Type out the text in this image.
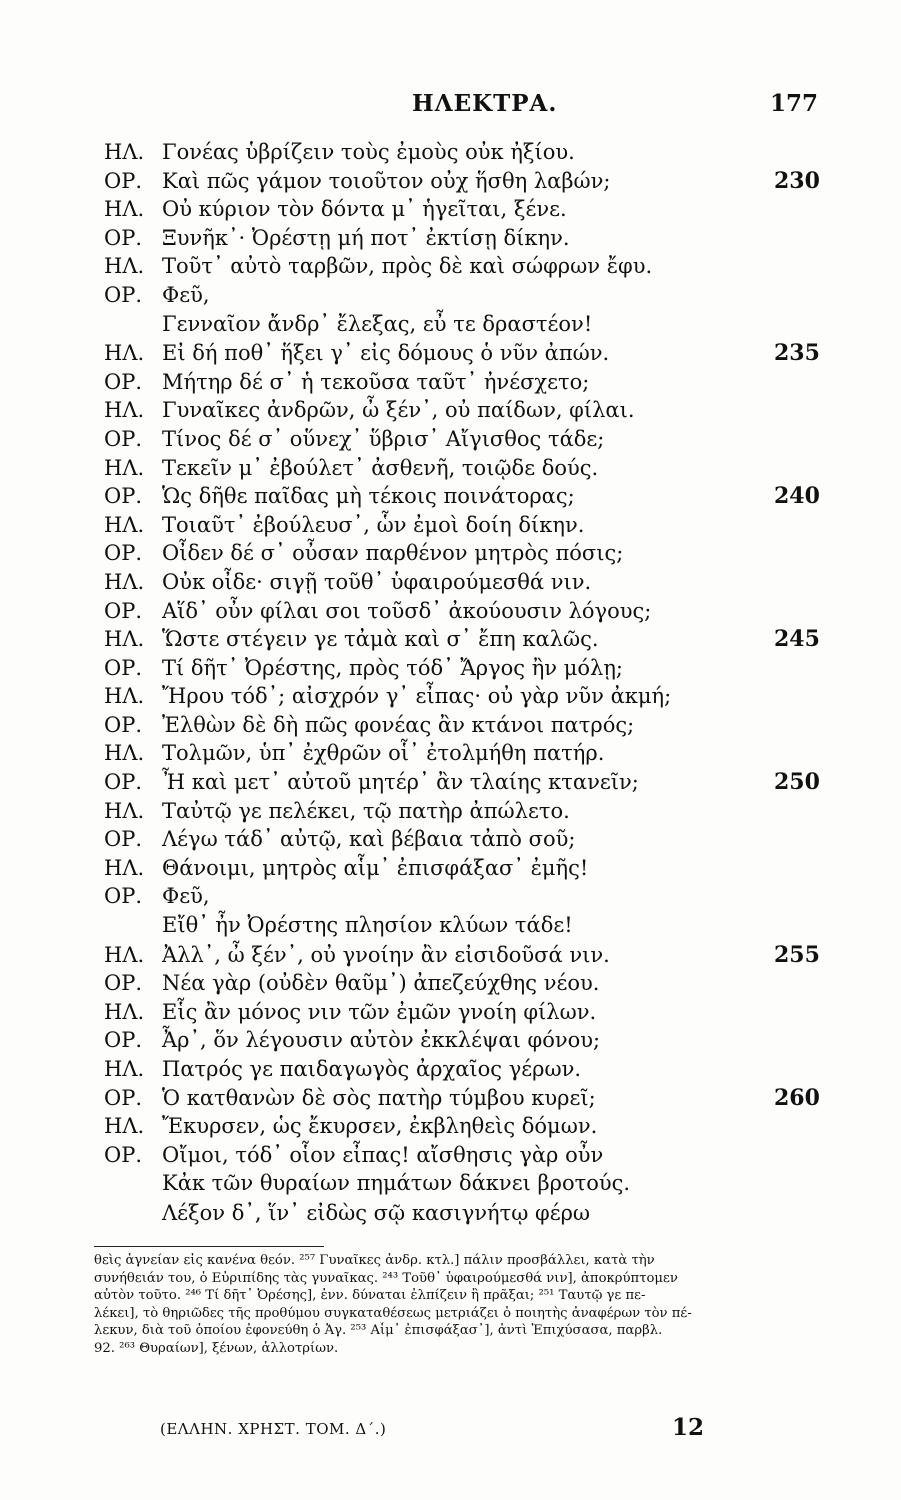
ΗΛΕΚΤΡΑ.	177
ΗΛ. Γονέας ὑβρίζειν τοὺς ἐμοὺς οὐκ ἠξίου.
ΟΡ. Καὶ πῶς γάμον τοιοῦτον οὐχ ἥσθη λαβών;	230
ΗΛ. Οὐ κύριον τὸν δόντα μ᾽ ἡγεῖται, ξένε.
ΟΡ. Ξυνῆκ᾽· Ὀρέστῃ μή ποτ᾽ ἐκτίσῃ δίκην.
ΗΛ. Τοῦτ᾽ αὐτὸ ταρβῶν, πρὸς δὲ καὶ σώφρων ἔφυ.
ΟΡ. Φεῦ,
Γενναῖον ἄνδρ᾽ ἔλεξας, εὖ τε δραστέον!
ΗΛ. Εἰ δή ποθ᾽ ἥξει γ᾽ εἰς δόμους ὁ νῦν ἀπών.	235
ΟΡ. Μήτηρ δέ σ᾽ ἡ τεκοῦσα ταῦτ᾽ ἠνέσχετο;
ΗΛ. Γυναῖκες ἀνδρῶν, ὦ ξέν᾽, οὐ παίδων, φίλαι.
ΟΡ. Τίνος δέ σ᾽ οὕνεχ᾽ ὕβρισ᾽ Αἴγισθος τάδε;
ΗΛ. Τεκεῖν μ᾽ ἐβούλετ᾽ ἀσθενῆ, τοιῷδε δούς.
ΟΡ. Ὡς δῆθε παῖδας μὴ τέκοις ποινάτορας;	240
ΗΛ. Τοιαῦτ᾽ ἐβούλευσ᾽, ὧν ἐμοὶ δοίη δίκην.
ΟΡ. Οἶδεν δέ σ᾽ οὖσαν παρθένον μητρὸς πόσις;
ΗΛ. Οὐκ οἶδε· σιγῇ τοῦθ᾽ ὑφαιρούμεσθά νιν.
ΟΡ. Αἵδ᾽ οὖν φίλαι σοι τοῦσδ᾽ ἀκούουσιν λόγους;
ΗΛ. Ὥστε στέγειν γε τἀμὰ καὶ σ᾽ ἔπη καλῶς.	245
ΟΡ. Τί δῆτ᾽ Ὀρέστης, πρὸς τόδ᾽ Ἄργος ἢν μόλῃ;
ΗΛ. Ἤρου τόδ᾽; αἰσχρόν γ᾽ εἶπας· οὐ γὰρ νῦν ἀκμή;
ΟΡ. Ἐλθὼν δὲ δὴ πῶς φονέας ἂν κτάνοι πατρός;
ΗΛ. Τολμῶν, ὑπ᾽ ἐχθρῶν οἷ᾽ ἐτολμήθη πατήρ.
ΟΡ. Ἦ καὶ μετ᾽ αὐτοῦ μητέρ᾽ ἂν τλαίης κτανεῖν;	250
ΗΛ. Ταὐτῷ γε πελέκει, τῷ πατὴρ ἀπώλετο.
ΟΡ. Λέγω τάδ᾽ αὐτῷ, καὶ βέβαια τἀπὸ σοῦ;
ΗΛ. Θάνοιμι, μητρὸς αἷμ᾽ ἐπισφάξασ᾽ ἐμῆς!
ΟΡ. Φεῦ,
Εἴθ᾽ ἦν Ὀρέστης πλησίον κλύων τάδε!
ΗΛ. Ἀλλ᾽, ὦ ξέν᾽, οὐ γνοίην ἂν εἰσιδοῦσά νιν.	255
ΟΡ. Νέα γὰρ (οὐδὲν θαῦμ᾽) ἀπεζεύχθης νέου.
ΗΛ. Εἷς ἂν μόνος νιν τῶν ἐμῶν γνοίη φίλων.
ΟΡ. Ἆρ᾽, ὅν λέγουσιν αὐτὸν ἐκκλέψαι φόνου;
ΗΛ. Πατρός γε παιδαγωγὸς ἀρχαῖος γέρων.
ΟΡ. Ὁ κατθανὼν δὲ σὸς πατὴρ τύμβου κυρεῖ;	260
ΗΛ. Ἔκυρσεν, ὡς ἔκυρσεν, ἐκβληθεὶς δόμων.
ΟΡ. Οἴμοι, τόδ᾽ οἷον εἶπας! αἴσθησις γὰρ οὖν
Κἀκ τῶν θυραίων πημάτων δάκνει βροτούς.
Λέξον δ᾽, ἵν᾽ εἰδὼς σῷ κασιγνήτῳ φέρω
θεὶς ἁγνείαν εἰς κανένα θεόν. ²⁵⁷ Γυναῖκες ἀνδρ. κτλ.] πάλιν προσβάλλει, κατὰ τὴν
συνήθειάν του, ὁ Εὐριπίδης τὰς γυναῖκας. ²⁴³ Τοῦθ᾽ ὑφαιρούμεσθά νιν], ἀποκρύπτομεν
αὐτὸν τοῦτο. ²⁴⁶ Τί δῆτ᾽ Ὀρέσης], ἐνν. δύναται ἐλπίζειν ἢ πρᾶξαι; ²⁵¹ Ταυτῷ γε πε-
λέκει], τὸ θηριῶδες τῆς προθύμου συγκαταθέσεως μετριάζει ὁ ποιητὴς ἀναφέρων τὸν πέ-
λεκυν, διὰ τοῦ ὁποίου ἐφονεύθη ὁ Ἀγ. ²⁵³ Αἷμ᾽ ἐπισφάξασ᾽], ἀντὶ Ἐπιχύσασα, παρβλ.
92. ²⁶³ Θυραίων], ξένων, ἀλλοτρίων.
(ΕΛΛΗΝ. ΧΡΗΣΤ. ΤΟΜ. Δ΄.)	12
